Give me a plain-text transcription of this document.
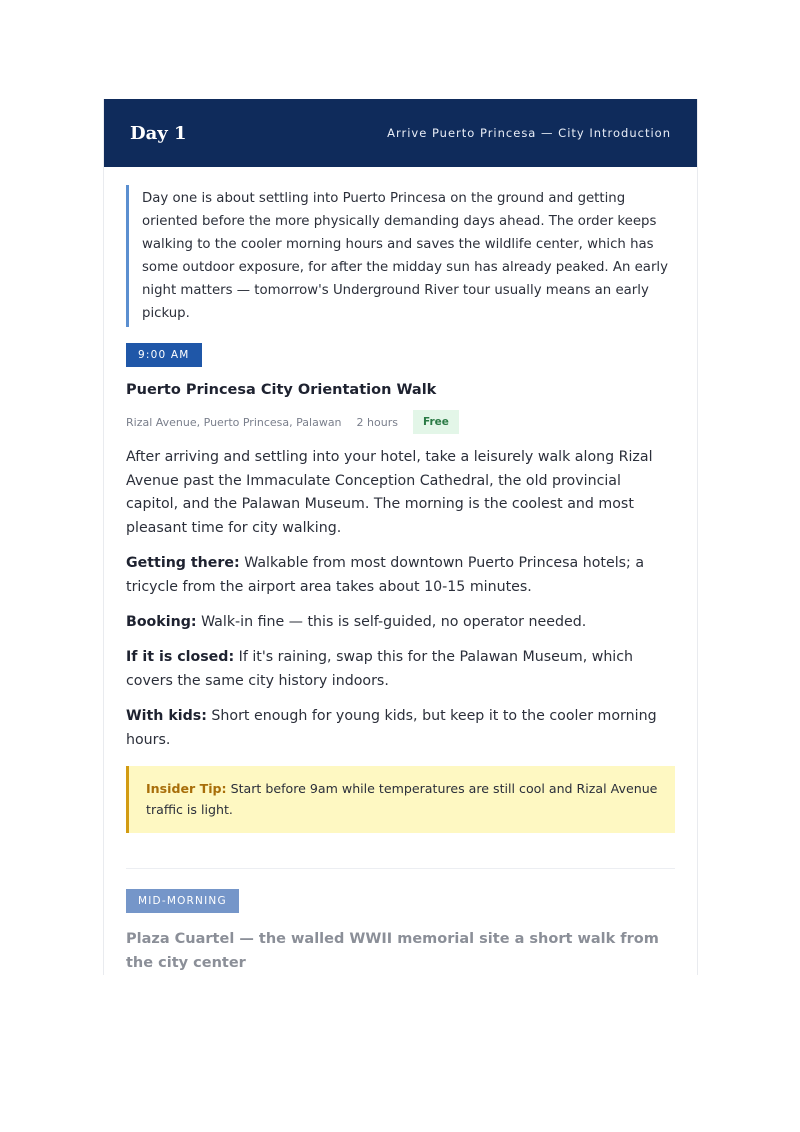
Day 1	Arrive Puerto Princesa — City Introduction
Day one is about settling into Puerto Princesa on the ground and getting oriented before the more physically demanding days ahead. The order keeps walking to the cooler morning hours and saves the wildlife center, which has some outdoor exposure, for after the midday sun has already peaked. An early night matters — tomorrow's Underground River tour usually means an early pickup.
9:00 AM
Puerto Princesa City Orientation Walk
Rizal Avenue, Puerto Princesa, Palawan 2 hours	Free
After arriving and settling into your hotel, take a leisurely walk along Rizal Avenue past the Immaculate Conception Cathedral, the old provincial capitol, and the Palawan Museum. The morning is the coolest and most pleasant time for city walking.
Getting there: Walkable from most downtown Puerto Princesa hotels; a tricycle from the airport area takes about 10-15 minutes.
Booking: Walk-in fine — this is self-guided, no operator needed.
If it is closed: If it's raining, swap this for the Palawan Museum, which covers the same city history indoors.
With kids: Short enough for young kids, but keep it to the cooler morning hours.
Insider Tip: Start before 9am while temperatures are still cool and Rizal Avenue traffic is light.
MID-MORNING
Plaza Cuartel — the walled WWII memorial site a short walk from the city center
